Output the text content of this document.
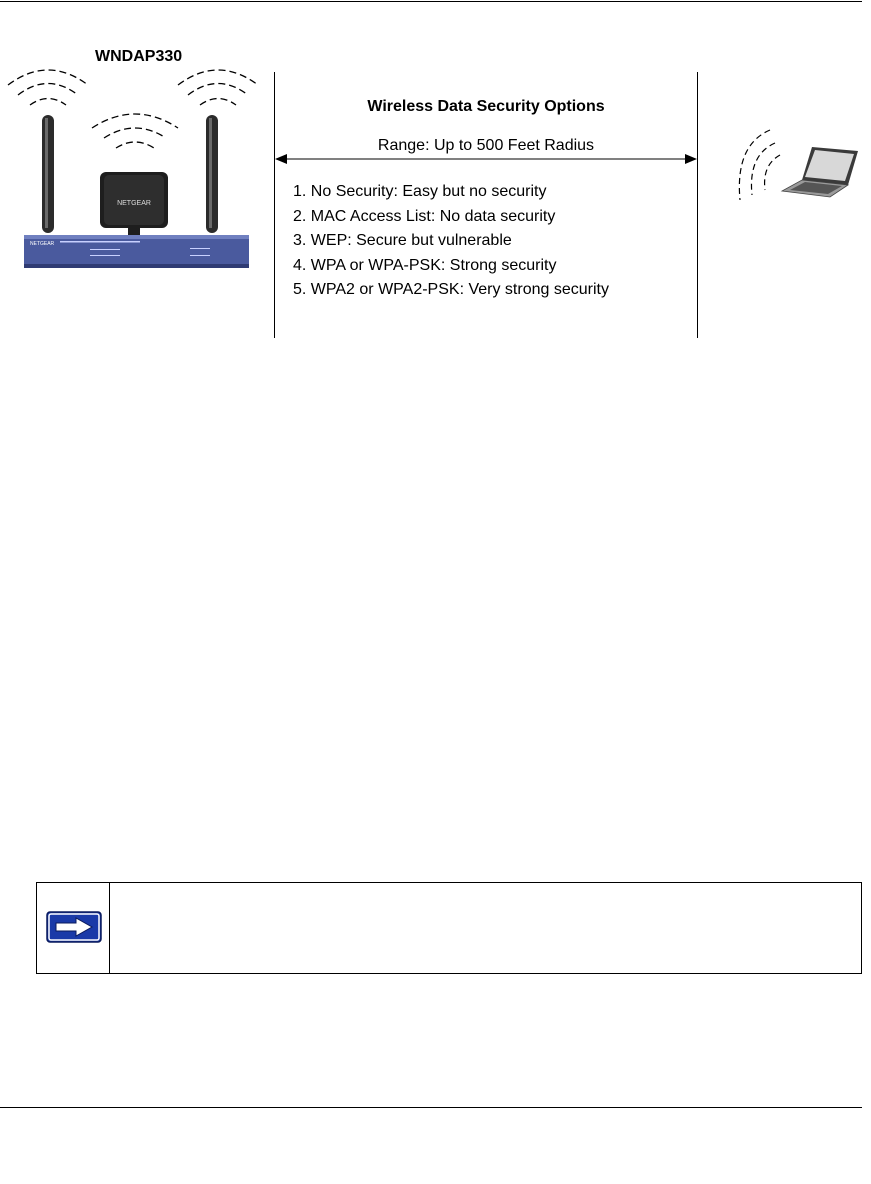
NETGEAR
NETGEAR
WNDAP330
Wireless Data Security Options
Range: Up to 500 Feet Radius
1. No Security: Easy but no security
2. MAC Access List: No data security
3. WEP: Secure but vulnerable
4. WPA or WPA-PSK: Strong security
5. WPA2 or WPA2-PSK: Very strong security
